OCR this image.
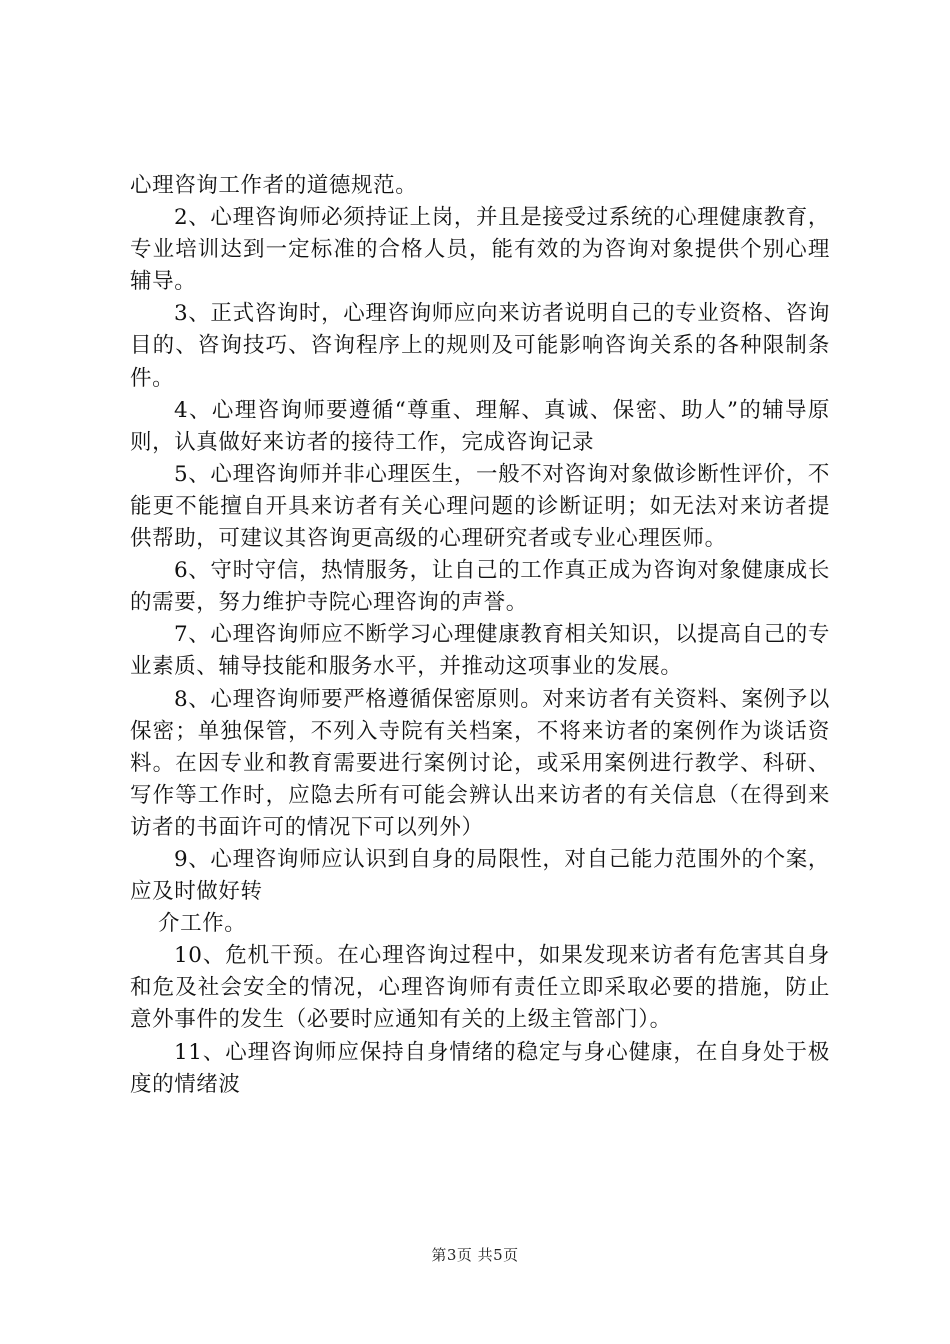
心理咨询工作者的道德规范。

2、心理咨询师必须持证上岗，并且是接受过系统的心理健康教育，专业培训达到一定标准的合格人员，能有效的为咨询对象提供个别心理辅导。

3、正式咨询时，心理咨询师应向来访者说明自己的专业资格、咨询目的、咨询技巧、咨询程序上的规则及可能影响咨询关系的各种限制条件。

4、心理咨询师要遵循“尊重、理解、真诚、保密、助人”的辅导原则，认真做好来访者的接待工作，完成咨询记录

5、心理咨询师并非心理医生，一般不对咨询对象做诊断性评价，不能更不能擅自开具来访者有关心理问题的诊断证明；如无法对来访者提供帮助，可建议其咨询更高级的心理研究者或专业心理医师。

6、守时守信，热情服务，让自己的工作真正成为咨询对象健康成长的需要，努力维护寺院心理咨询的声誉。

7、心理咨询师应不断学习心理健康教育相关知识，以提高自己的专业素质、辅导技能和服务水平，并推动这项事业的发展。

8、心理咨询师要严格遵循保密原则。对来访者有关资料、案例予以保密；单独保管，不列入寺院有关档案，不将来访者的案例作为谈话资料。在因专业和教育需要进行案例讨论，或采用案例进行教学、科研、写作等工作时，应隐去所有可能会辨认出来访者的有关信息（在得到来访者的书面许可的情况下可以列外）

9、心理咨询师应认识到自身的局限性，对自己能力范围外的个案，应及时做好转

介工作。

10、危机干预。在心理咨询过程中，如果发现来访者有危害其自身和危及社会安全的情况，心理咨询师有责任立即采取必要的措施，防止意外事件的发生（必要时应通知有关的上级主管部门）。

11、心理咨询师应保持自身情绪的稳定与身心健康，在自身处于极度的情绪波

第3页 共5页
